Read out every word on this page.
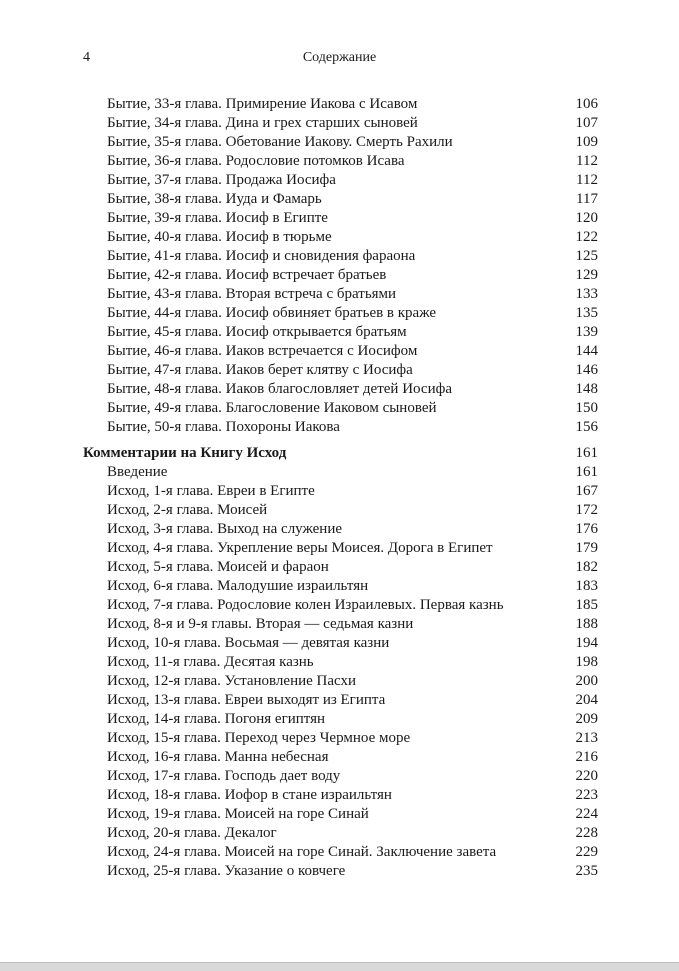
4	Содержание
Бытие, 33-я глава. Примирение Иакова с Исавом	106
Бытие, 34-я глава. Дина и грех старших сыновей	107
Бытие, 35-я глава. Обетование Иакову. Смерть Рахили	109
Бытие, 36-я глава. Родословие потомков Исава	112
Бытие, 37-я глава. Продажа Иосифа	112
Бытие, 38-я глава. Иуда и Фамарь	117
Бытие, 39-я глава. Иосиф в Египте	120
Бытие, 40-я глава. Иосиф в тюрьме	122
Бытие, 41-я глава. Иосиф и сновидения фараона	125
Бытие, 42-я глава. Иосиф встречает братьев	129
Бытие, 43-я глава. Вторая встреча с братьями	133
Бытие, 44-я глава. Иосиф обвиняет братьев в краже	135
Бытие, 45-я глава. Иосиф открывается братьям	139
Бытие, 46-я глава. Иаков встречается с Иосифом	144
Бытие, 47-я глава. Иаков берет клятву с Иосифа	146
Бытие, 48-я глава. Иаков благословляет детей Иосифа	148
Бытие, 49-я глава. Благословение Иаковом сыновей	150
Бытие, 50-я глава. Похороны Иакова	156
Комментарии на Книгу Исход	161
Введение	161
Исход, 1-я глава. Евреи в Египте	167
Исход, 2-я глава. Моисей	172
Исход, 3-я глава. Выход на служение	176
Исход, 4-я глава. Укрепление веры Моисея. Дорога в Египет	179
Исход, 5-я глава. Моисей и фараон	182
Исход, 6-я глава. Малодушие израильтян	183
Исход, 7-я глава. Родословие колен Израилевых. Первая казнь	185
Исход, 8-я и 9-я главы. Вторая — седьмая казни	188
Исход, 10-я глава. Восьмая — девятая казни	194
Исход, 11-я глава. Десятая казнь	198
Исход, 12-я глава. Установление Пасхи	200
Исход, 13-я глава. Евреи выходят из Египта	204
Исход, 14-я глава. Погоня египтян	209
Исход, 15-я глава. Переход через Чермное море	213
Исход, 16-я глава. Манна небесная	216
Исход, 17-я глава. Господь дает воду	220
Исход, 18-я глава. Иофор в стане израильтян	223
Исход, 19-я глава. Моисей на горе Синай	224
Исход, 20-я глава. Декалог	228
Исход, 24-я глава. Моисей на горе Синай. Заключение завета	229
Исход, 25-я глава. Указание о ковчеге	235
